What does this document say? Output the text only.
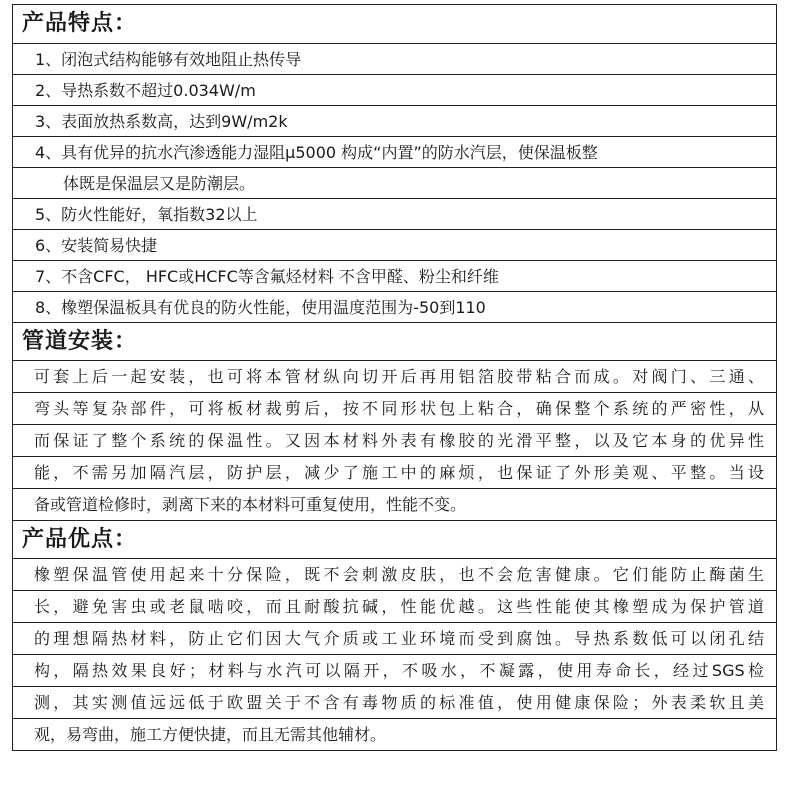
产品特点：
1、闭泡式结构能够有效地阻止热传导
2、导热系数不超过0.034W/m
3、表面放热系数高，达到9W/m2k
4、具有优异的抗水汽渗透能力湿阻μ5000 构成“内置”的防水汽层，使保温板整
体既是保温层又是防潮层。
5、防火性能好，氧指数32以上
6、安装简易快捷
7、不含CFC， HFC或HCFC等含氟烃材料 不含甲醛、粉尘和纤维
8、橡塑保温板具有优良的防火性能，使用温度范围为-50到110
管道安装：
可套上后一起安装，也可将本管材纵向切开后再用铝箔胶带粘合而成。对阀门、三通、
弯头等复杂部件，可将板材裁剪后，按不同形状包上粘合，确保整个系统的严密性，从
而保证了整个系统的保温性。又因本材料外表有橡胶的光滑平整，以及它本身的优异性
能，不需另加隔汽层，防护层，减少了施工中的麻烦，也保证了外形美观、平整。当设
备或管道检修时，剥离下来的本材料可重复使用，性能不变。
产品优点：
橡塑保温管使用起来十分保险，既不会刺激皮肤，也不会危害健康。它们能防止酶菌生
长，避免害虫或老鼠啮咬，而且耐酸抗碱，性能优越。这些性能使其橡塑成为保护管道
的理想隔热材料，防止它们因大气介质或工业环境而受到腐蚀。导热系数低可以闭孔结
构，隔热效果良好；材料与水汽可以隔开，不吸水，不凝露，使用寿命长，经过SGS检
测，其实测值远远低于欧盟关于不含有毒物质的标准值，使用健康保险；外表柔软且美
观，易弯曲，施工方便快捷，而且无需其他辅材。
